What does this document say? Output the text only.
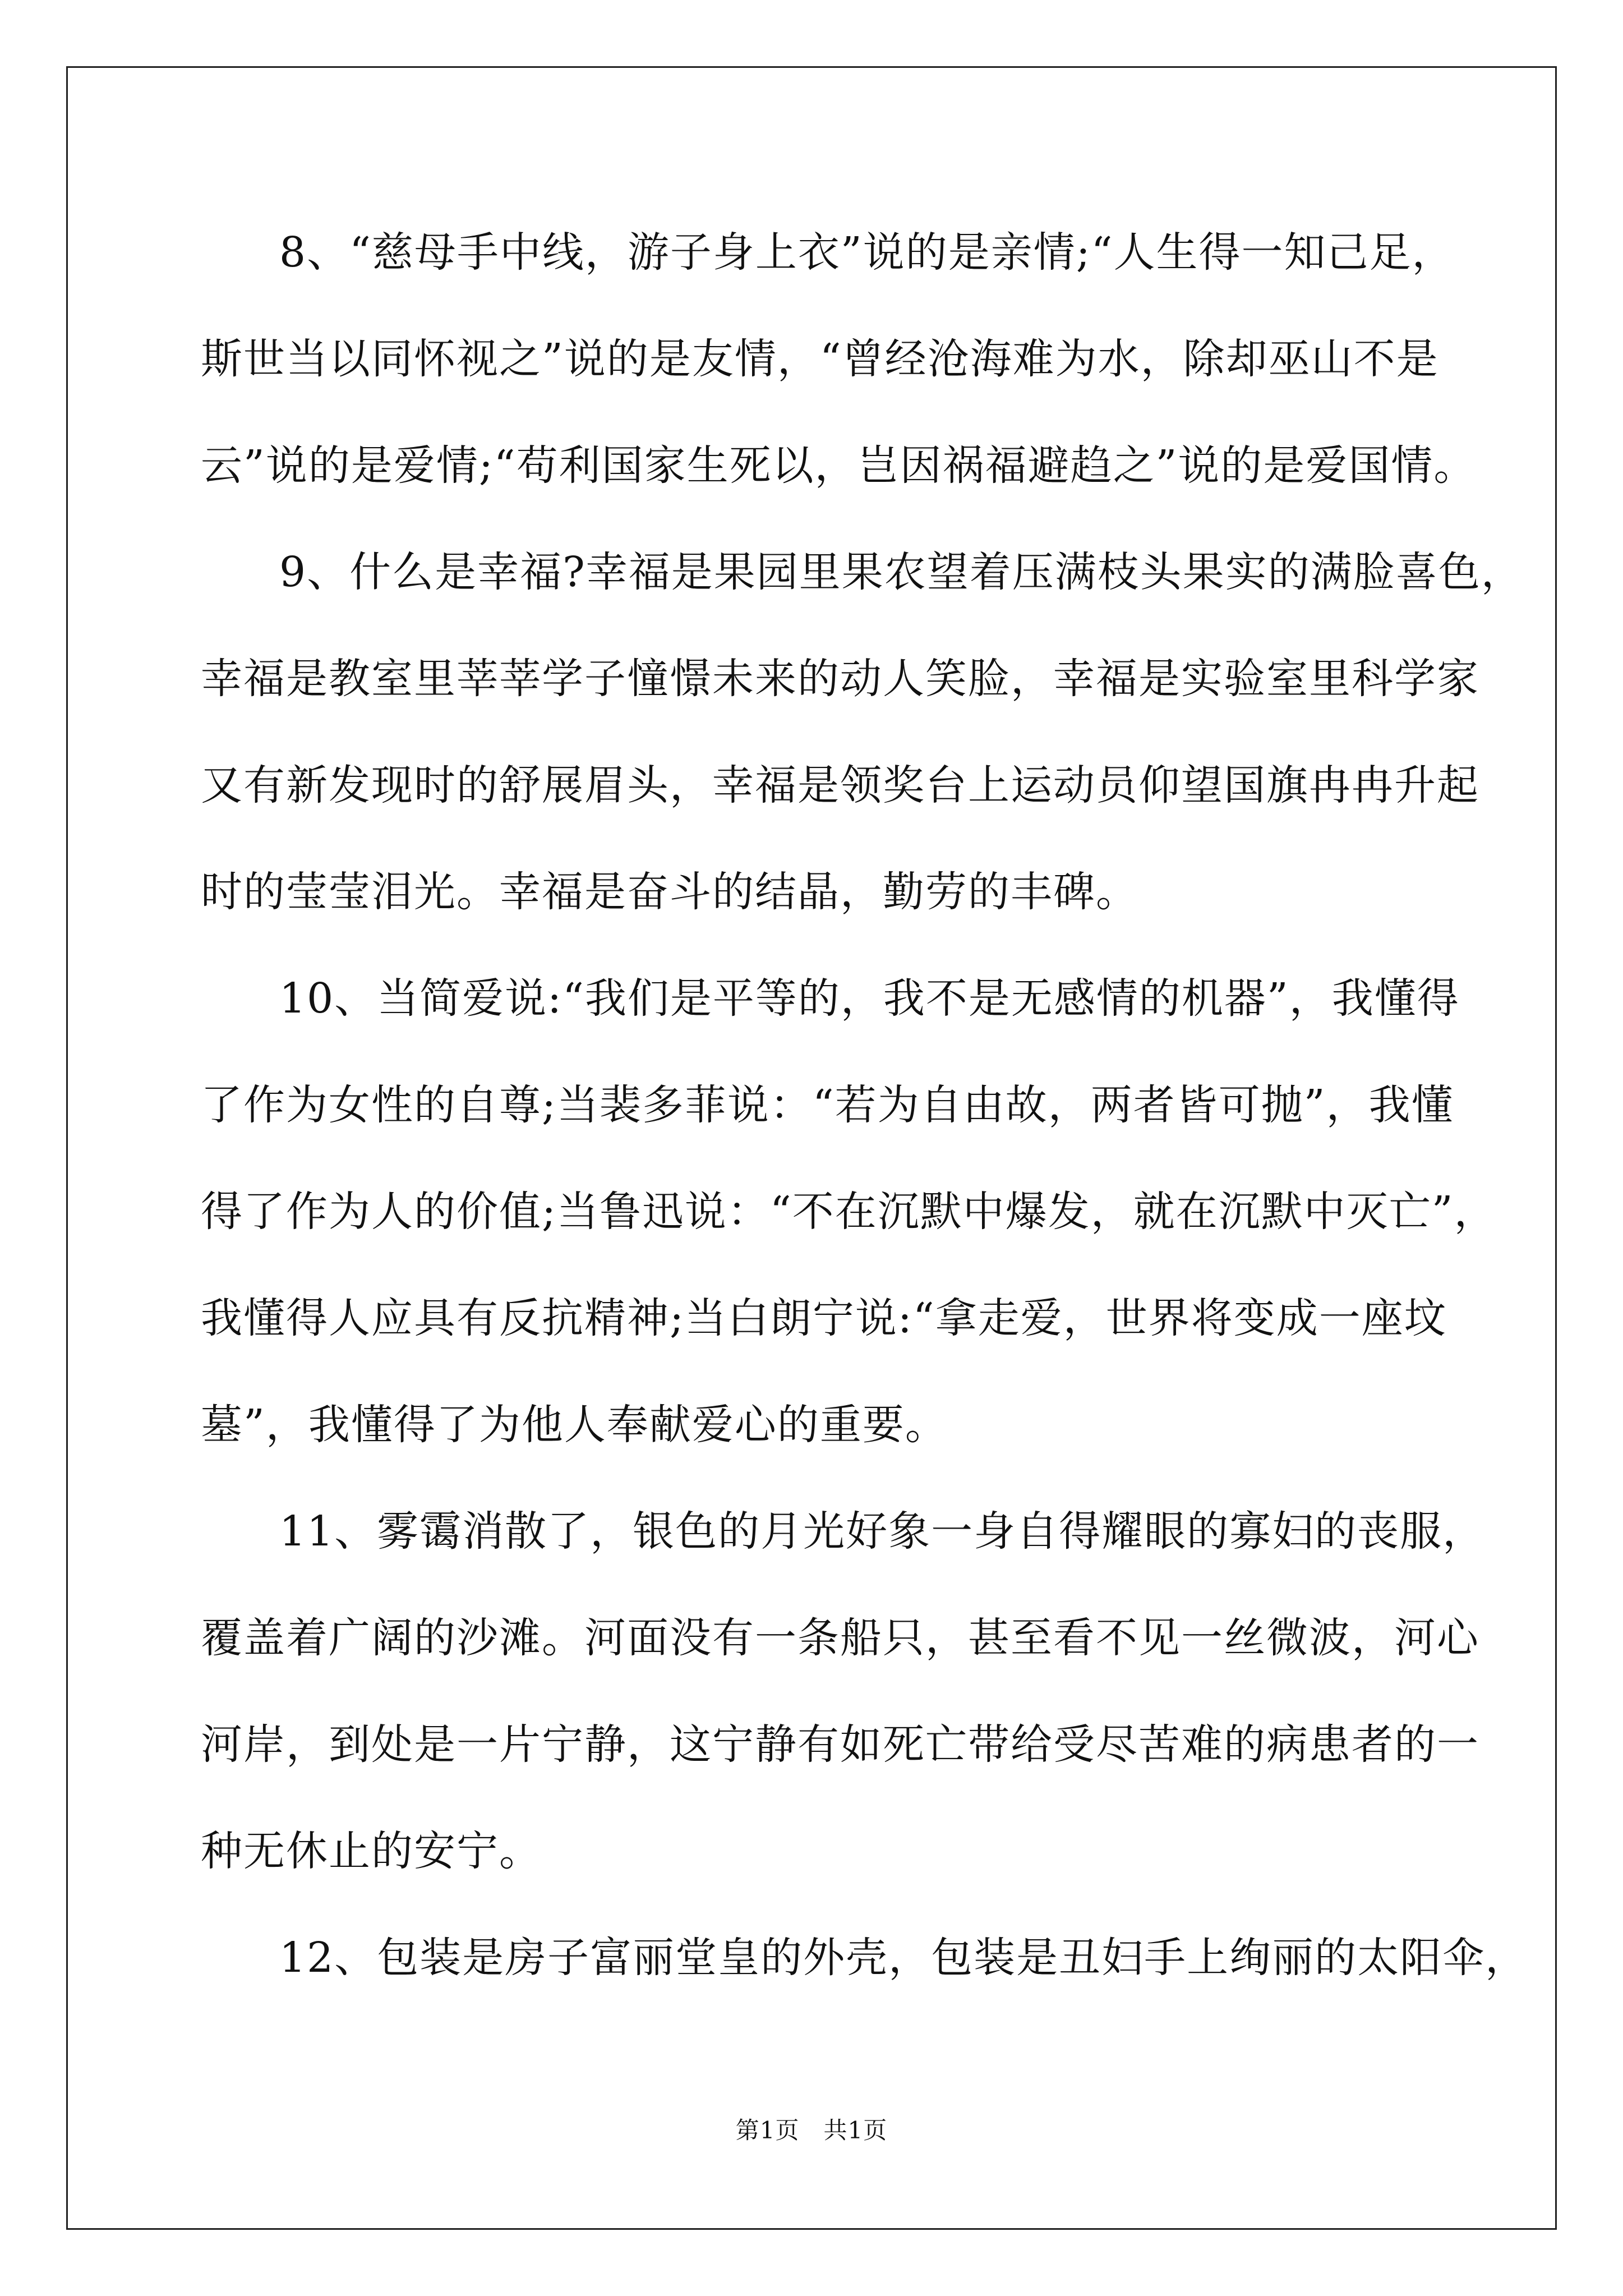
8、“慈母手中线，游子身上衣”说的是亲情;“人生得一知己足，
斯世当以同怀视之”说的是友情，“曾经沧海难为水，除却巫山不是
云”说的是爱情;“苟利国家生死以，岂因祸福避趋之”说的是爱国情。
9、什么是幸福?幸福是果园里果农望着压满枝头果实的满脸喜色，
幸福是教室里莘莘学子憧憬未来的动人笑脸，幸福是实验室里科学家
又有新发现时的舒展眉头，幸福是领奖台上运动员仰望国旗冉冉升起
时的莹莹泪光。幸福是奋斗的结晶，勤劳的丰碑。
10、当简爱说:“我们是平等的，我不是无感情的机器”，我懂得
了作为女性的自尊;当裴多菲说：“若为自由故，两者皆可抛”，我懂
得了作为人的价值;当鲁迅说：“不在沉默中爆发，就在沉默中灭亡”，
我懂得人应具有反抗精神;当白朗宁说:“拿走爱，世界将变成一座坟
墓”，我懂得了为他人奉献爱心的重要。
11、雾霭消散了，银色的月光好象一身自得耀眼的寡妇的丧服，
覆盖着广阔的沙滩。河面没有一条船只，甚至看不见一丝微波，河心
河岸，到处是一片宁静，这宁静有如死亡带给受尽苦难的病患者的一
种无休止的安宁。
12、包装是房子富丽堂皇的外壳，包装是丑妇手上绚丽的太阳伞，
第1页　共1页
